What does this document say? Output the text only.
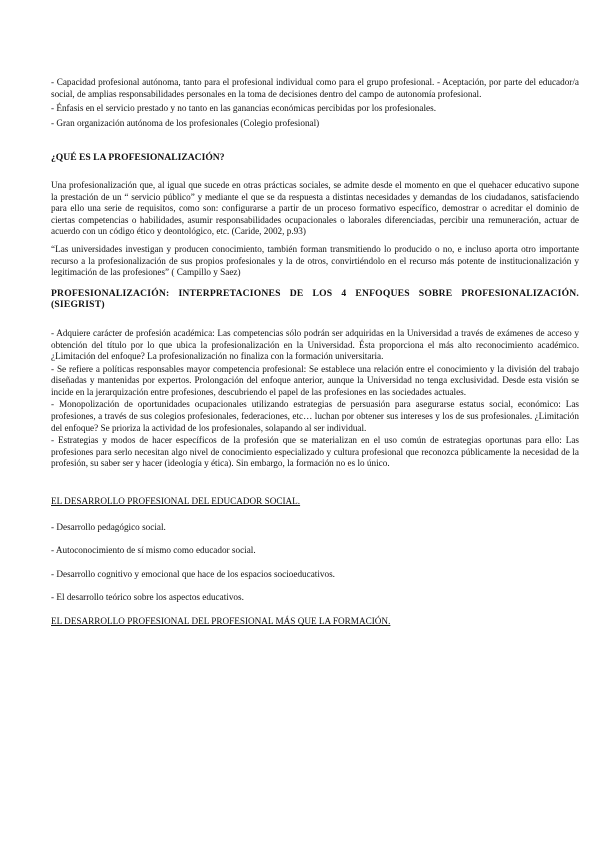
- Capacidad profesional autónoma, tanto para el profesional individual como para el grupo profesional. - Aceptación, por parte del educador/a social, de amplias responsabilidades personales en la toma de decisiones dentro del campo de autonomía profesional.

- Énfasis en el servicio prestado y no tanto en las ganancias económicas percibidas por los profesionales.

- Gran organización autónoma de los profesionales (Colegio profesional)

¿QUÉ ES LA PROFESIONALIZACIÓN?

Una profesionalización que, al igual que sucede en otras prácticas sociales, se admite desde el momento en que el quehacer educativo supone la prestación de un “ servicio público” y mediante el que se da respuesta a distintas necesidades y demandas de los ciudadanos, satisfaciendo para ello una serie de requisitos, como son: configurarse a partir de un proceso formativo específico, demostrar o acreditar el dominio de ciertas competencias o habilidades, asumir responsabilidades ocupacionales o laborales diferenciadas, percibir una remuneración, actuar de acuerdo con un código ético y deontológico, etc. (Caride, 2002, p.93)

“Las universidades investigan y producen conocimiento, también forman transmitiendo lo producido o no, e incluso aporta otro importante recurso a la profesionalización de sus propios profesionales y la de otros, convirtiéndolo en el recurso más potente de institucionalización y legitimación de las profesiones” ( Campillo y Saez)

PROFESIONALIZACIÓN: INTERPRETACIONES DE LOS 4 ENFOQUES SOBRE PROFESIONALIZACIÓN. (SIEGRIST)

- Adquiere carácter de profesión académica: Las competencias sólo podrán ser adquiridas en la Universidad a través de exámenes de acceso y obtención del título por lo que ubica la profesionalización en la Universidad. Ésta proporciona el más alto reconocimiento académico. ¿Limitación del enfoque? La profesionalización no finaliza con la formación universitaria.

- Se refiere a políticas responsables mayor competencia profesional: Se establece una relación entre el conocimiento y la división del trabajo diseñadas y mantenidas por expertos. Prolongación del enfoque anterior, aunque la Universidad no tenga exclusividad. Desde esta visión se incide en la jerarquización entre profesiones, descubriendo el papel de las profesiones en las sociedades actuales.

- Monopolización de oportunidades ocupacionales utilizando estrategias de persuasión para asegurarse estatus social, económico: Las profesiones, a través de sus colegios profesionales, federaciones, etc… luchan por obtener sus intereses y los de sus profesionales. ¿Limitación del enfoque? Se prioriza la actividad de los profesionales, solapando al ser individual.

- Estrategias y modos de hacer específicos de la profesión que se materializan en el uso común de estrategias oportunas para ello: Las profesiones para serlo necesitan algo nivel de conocimiento especializado y cultura profesional que reconozca públicamente la necesidad de la profesión, su saber ser y hacer (ideología y ética). Sin embargo, la formación no es lo único.

EL DESARROLLO PROFESIONAL DEL EDUCADOR SOCIAL.

- Desarrollo pedagógico social.

- Autoconocimiento de sí mismo como educador social.

- Desarrollo cognitivo y emocional que hace de los espacios socioeducativos.

- El desarrollo teórico sobre los aspectos educativos.

EL DESARROLLO PROFESIONAL DEL PROFESIONAL MÁS QUE LA FORMACIÓN.
